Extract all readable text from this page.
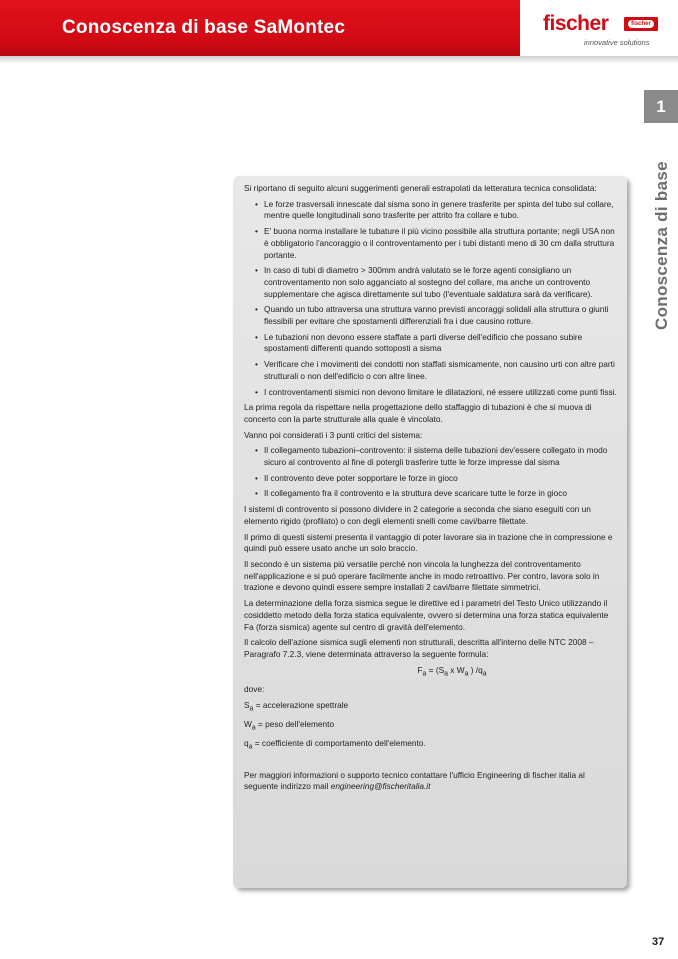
Conoscenza di base SaMontec	fischer	fischer
innovative solutions
1
Conoscenza di base

Si riportano di seguito alcuni suggerimenti generali estrapolati da letteratura tecnica consolidata:

• Le forze trasversali innescate dal sisma sono in genere trasferite per spinta del tubo sul collare, mentre quelle longitudinali sono trasferite per attrito fra collare e tubo.
• E' buona norma installare le tubature il più vicino possibile alla struttura portante; negli USA non è obbligatorio l'ancoraggio o il controventamento per i tubi distanti meno di 30 cm dalla struttura portante.
• In caso di tubi di diametro > 300mm andrà valutato se le forze agenti consigliano un controventamento non solo agganciato al sostegno del collare, ma anche un controvento supplementare che agisca direttamente sul tubo (l'eventuale saldatura sarà da verificare).
• Quando un tubo attraversa una struttura vanno previsti ancoraggi solidali alla struttura o giunti flessibili per evitare che spostamenti differenziali fra i due causino rotture.
• Le tubazioni non devono essere staffate a parti diverse dell'edificio che possano subire spostamenti differenti quando sottoposti a sisma
• Verificare che i movimenti dei condotti non staffati sismicamente, non causino urti con altre parti strutturali o non dell'edificio o con altre linee.
• I controventamenti sismici non devono limitare le dilatazioni, né essere utilizzati come punti fissi.

La prima regola da rispettare nella progettazione dello staffaggio di tubazioni è che si muova di concerto con la parte strutturale alla quale è vincolato.

Vanno poi considerati i 3 punti critici del sistema:

• Il collegamento tubazioni–controvento: il sistema delle tubazioni dev'essere collegato in modo sicuro al controvento al fine di potergli trasferire tutte le forze impresse dal sisma
• Il controvento deve poter sopportare le forze in gioco
• Il collegamento fra il controvento e la struttura deve scaricare tutte le forze in gioco

I sistemi di controvento si possono dividere in 2 categorie a seconda che siano eseguiti con un elemento rigido (profilato) o con degli elementi snelli come cavi/barre filettate.

Il primo di questi sistemi presenta il vantaggio di poter lavorare sia in trazione che in compressione e quindi può essere usato anche un solo braccio.

Il secondo è un sistema più versatile perché non vincola la lunghezza del controventamento nell'applicazione e si può operare facilmente anche in modo retroattivo. Per contro, lavora solo in trazione e devono quindi essere sempre installati 2 cavi/barre filettate simmetrici.

La determinazione della forza sismica segue le direttive ed i parametri del Testo Unico utilizzando il cosiddetto metodo della forza statica equivalente, ovvero si determina una forza statica equivalente Fa (forza sismica) agente sul centro di gravità dell'elemento.

Il calcolo dell'azione sismica sugli elementi non strutturali, descritta all'interno delle NTC 2008 – Paragrafo 7.2.3, viene determinata attraverso la seguente formula:

$F_a = (S_a$ x $W_a$ ) $/q_a$

dove:

$S_a$ = accelerazione spettrale

$W_a$ = peso dell'elemento

$q_a$ = coefficiente di comportamento dell'elemento.

Per maggiori informazioni o supporto tecnico contattare l'ufficio Engineering di fischer italia al seguente indirizzo mail engineering@fischeritalia.it

37
